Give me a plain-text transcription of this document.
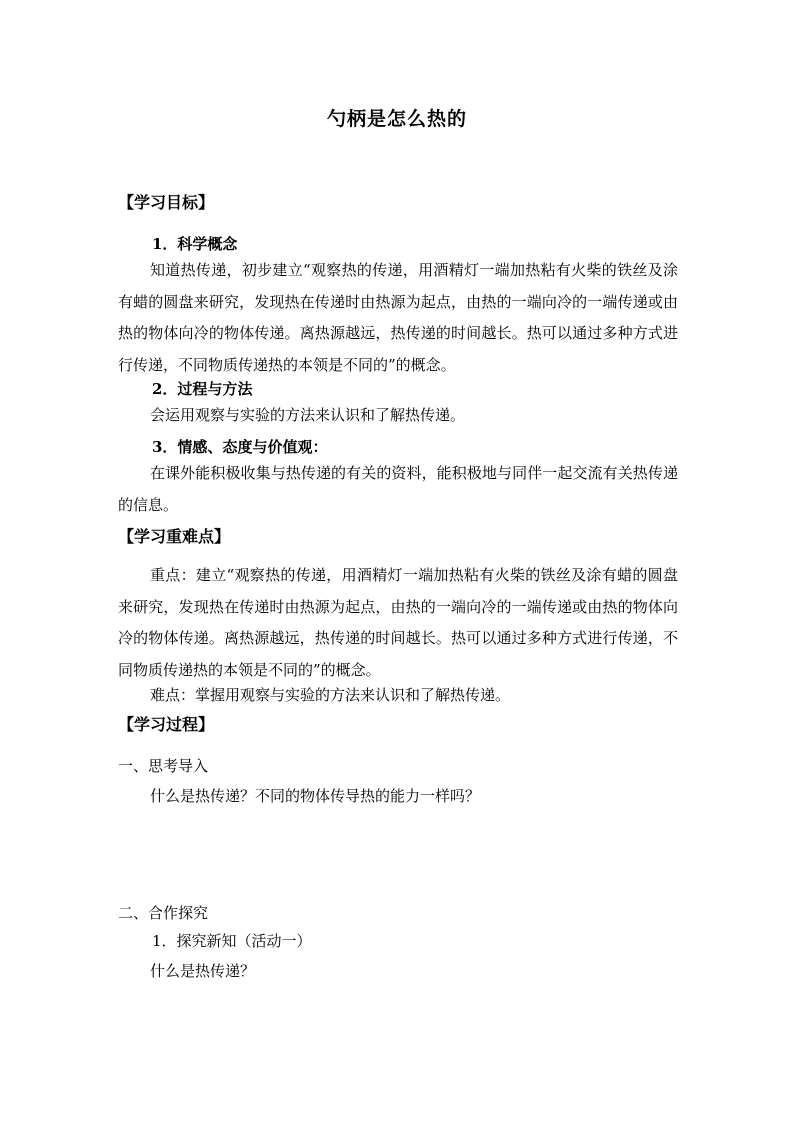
勺柄是怎么热的
【学习目标】
1．科学概念
知道热传递，初步建立“观察热的传递，用酒精灯一端加热粘有火柴的铁丝及涂有蜡的圆盘来研究，发现热在传递时由热源为起点，由热的一端向冷的一端传递或由热的物体向冷的物体传递。离热源越远，热传递的时间越长。热可以通过多种方式进行传递，不同物质传递热的本领是不同的”的概念。
2．过程与方法
会运用观察与实验的方法来认识和了解热传递。
3．情感、态度与价值观：
在课外能积极收集与热传递的有关的资料，能积极地与同伴一起交流有关热传递的信息。
【学习重难点】
重点：建立“观察热的传递，用酒精灯一端加热粘有火柴的铁丝及涂有蜡的圆盘来研究，发现热在传递时由热源为起点，由热的一端向冷的一端传递或由热的物体向冷的物体传递。离热源越远，热传递的时间越长。热可以通过多种方式进行传递，不同物质传递热的本领是不同的”的概念。
难点：掌握用观察与实验的方法来认识和了解热传递。
【学习过程】
一、思考导入
什么是热传递？不同的物体传导热的能力一样吗？
二、合作探究
1．探究新知（活动一）
什么是热传递？
